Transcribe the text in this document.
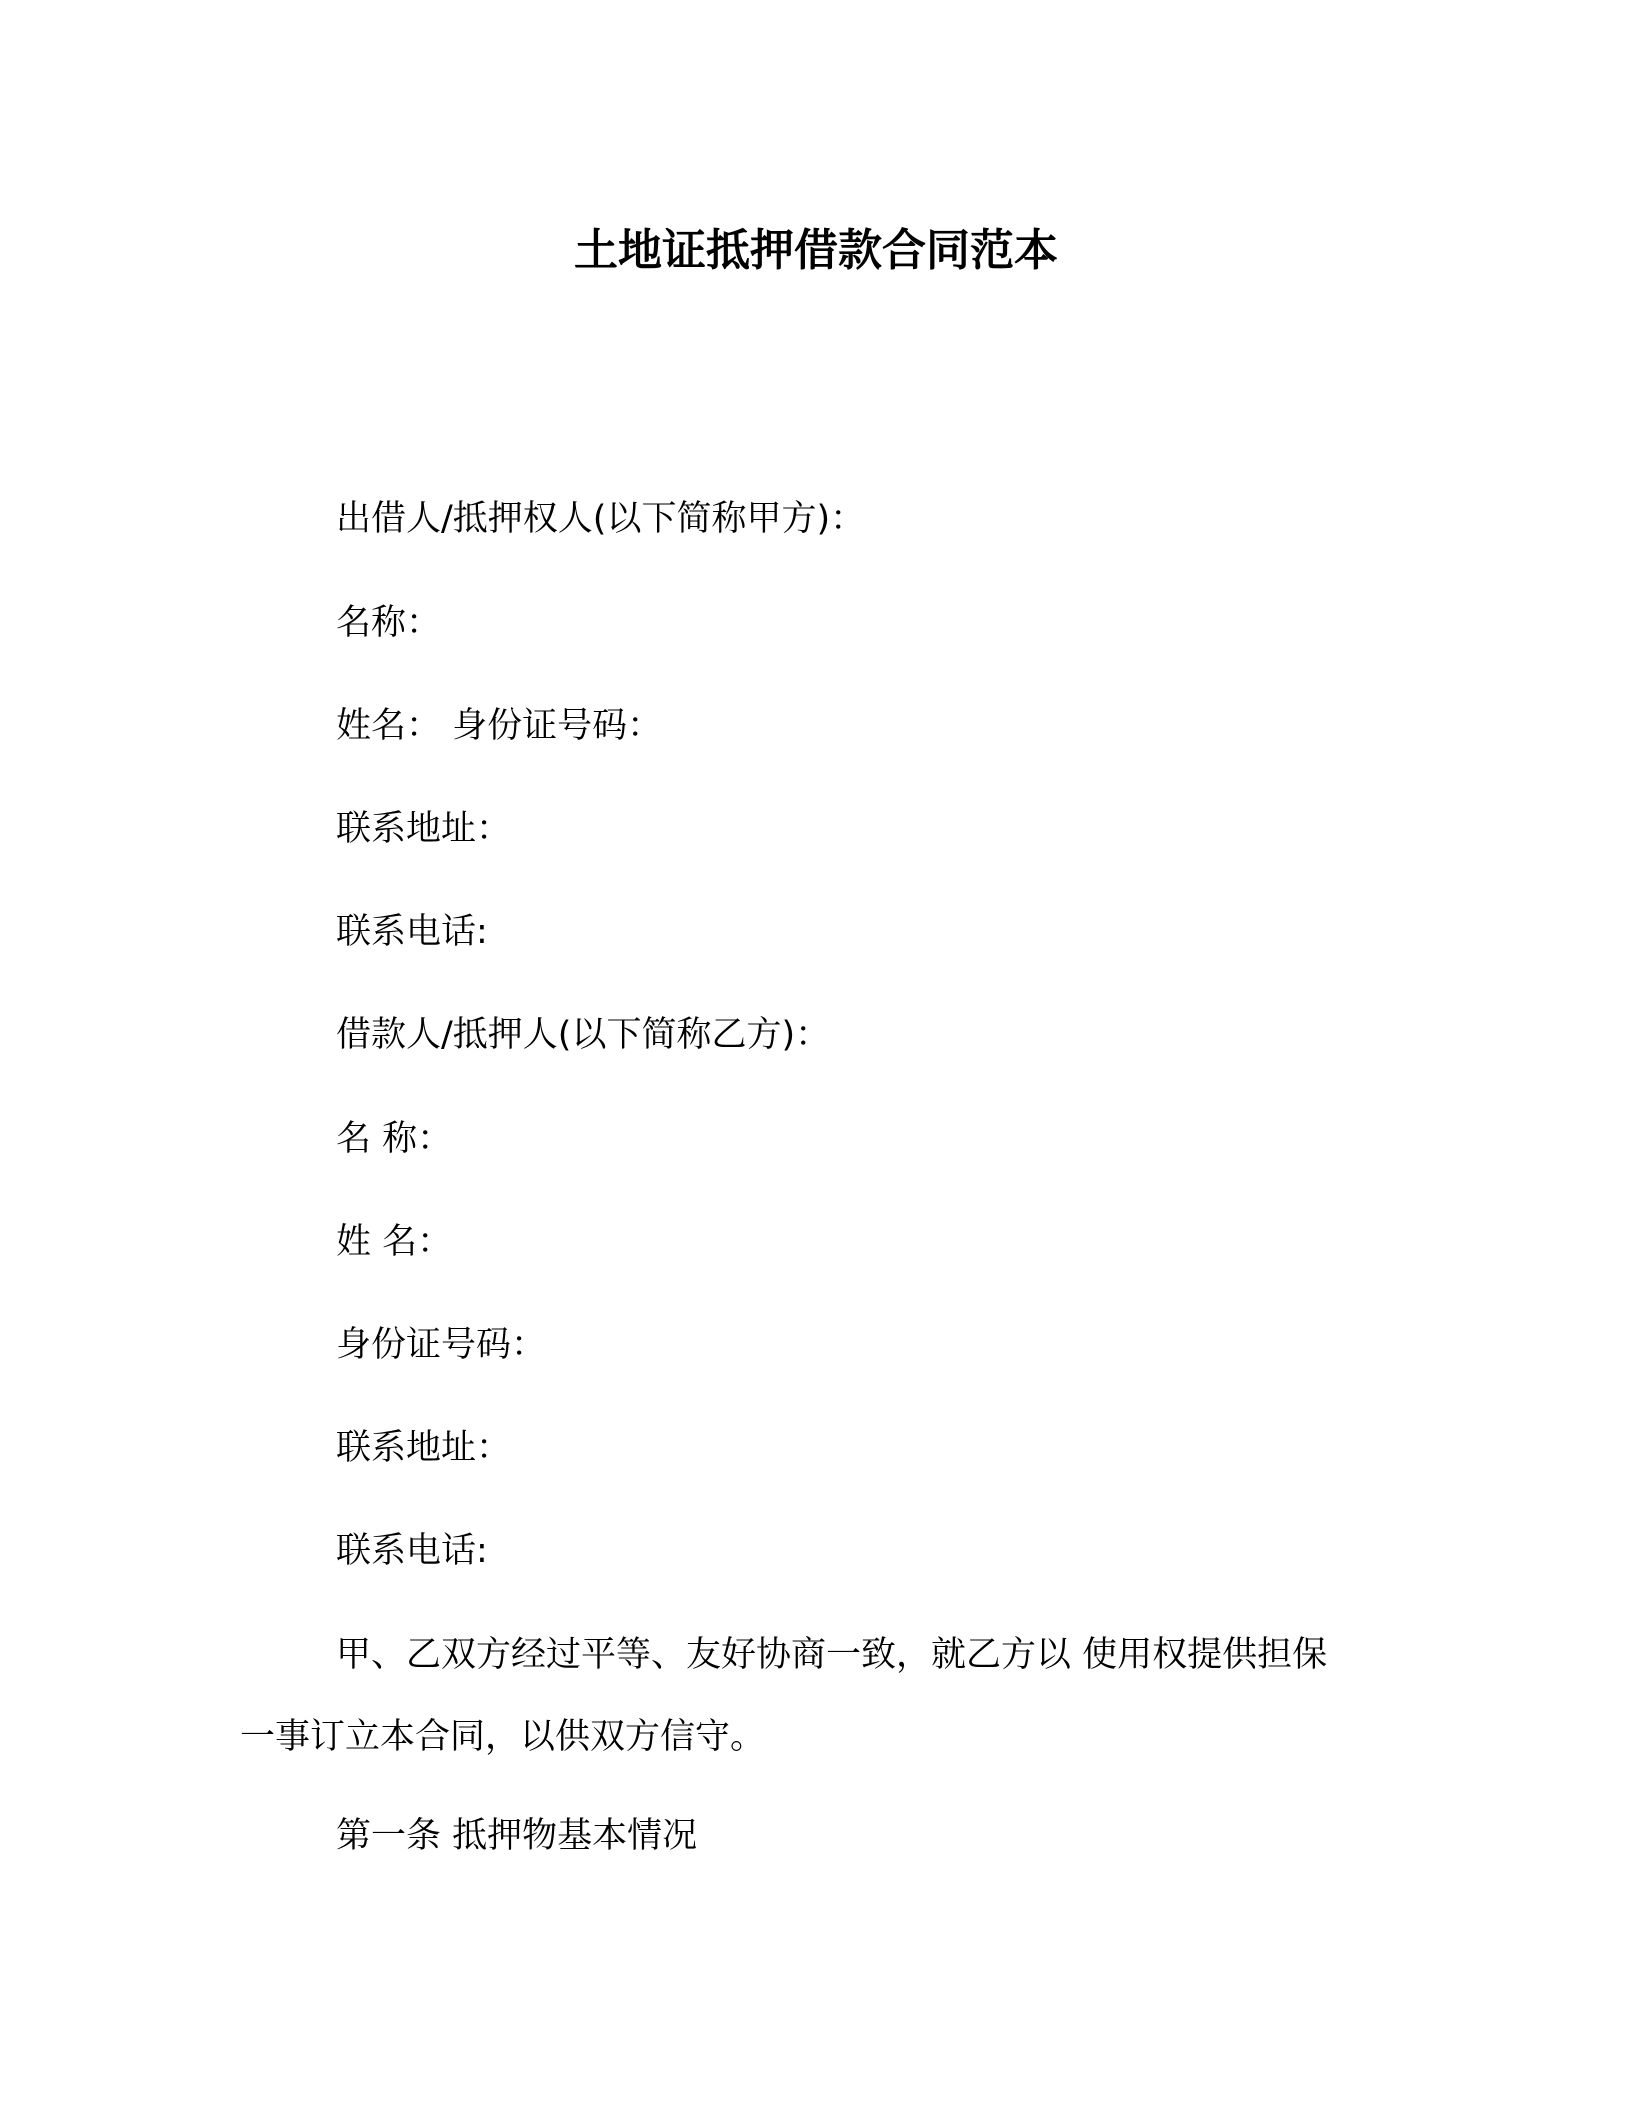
土地证抵押借款合同范本
出借人/抵押权人(以下简称甲方)：
名称：
姓名： 身份证号码：
联系地址：
联系电话:
借款人/抵押人(以下简称乙方)：
名 称：
姓 名：
身份证号码：
联系地址：
联系电话:
甲、乙双方经过平等、友好协商一致，就乙方以 使用权提供担保
一事订立本合同，以供双方信守。
第一条 抵押物基本情况
